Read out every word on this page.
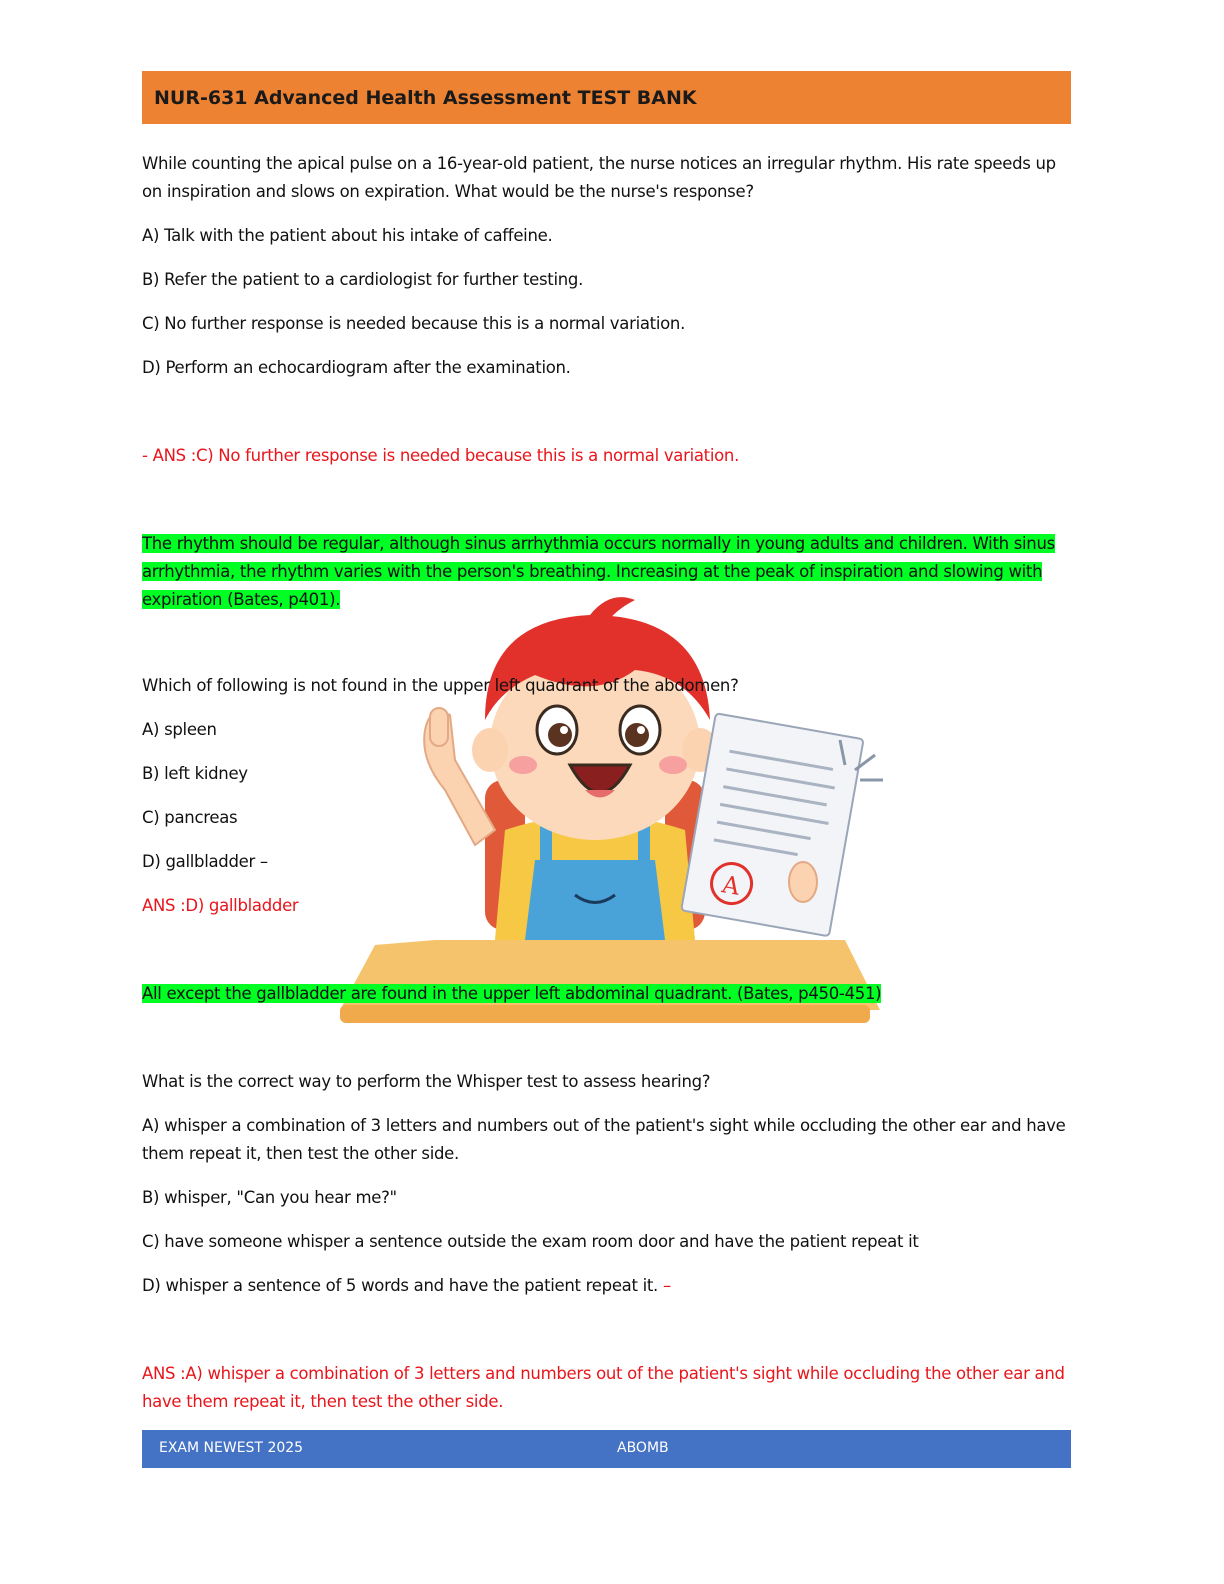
NUR-631 Advanced Health Assessment TEST BANK
A

While counting the apical pulse on a 16-year-old patient, the nurse notices an irregular rhythm. His rate speeds up on inspiration and slows on expiration. What would be the nurse's response?

A) Talk with the patient about his intake of caffeine.

B) Refer the patient to a cardiologist for further testing.

C) No further response is needed because this is a normal variation.

D) Perform an echocardiogram after the examination.

- ANS :C) No further response is needed because this is a normal variation.

The rhythm should be regular, although sinus arrhythmia occurs normally in young adults and children. With sinus arrhythmia, the rhythm varies with the person's breathing. Increasing at the peak of inspiration and slowing with expiration (Bates, p401).

Which of following is not found in the upper left quadrant of the abdomen?

A) spleen

B) left kidney

C) pancreas

D) gallbladder –

ANS :D) gallbladder

All except the gallbladder are found in the upper left abdominal quadrant. (Bates, p450-451)

What is the correct way to perform the Whisper test to assess hearing?

A) whisper a combination of 3 letters and numbers out of the patient's sight while occluding the other ear and have them repeat it, then test the other side.

B) whisper, "Can you hear me?"

C) have someone whisper a sentence outside the exam room door and have the patient repeat it

D) whisper a sentence of 5 words and have the patient repeat it. –

ANS :A) whisper a combination of 3 letters and numbers out of the patient's sight while occluding the other ear and have them repeat it, then test the other side.

EXAM NEWEST 2025	ABOMB
